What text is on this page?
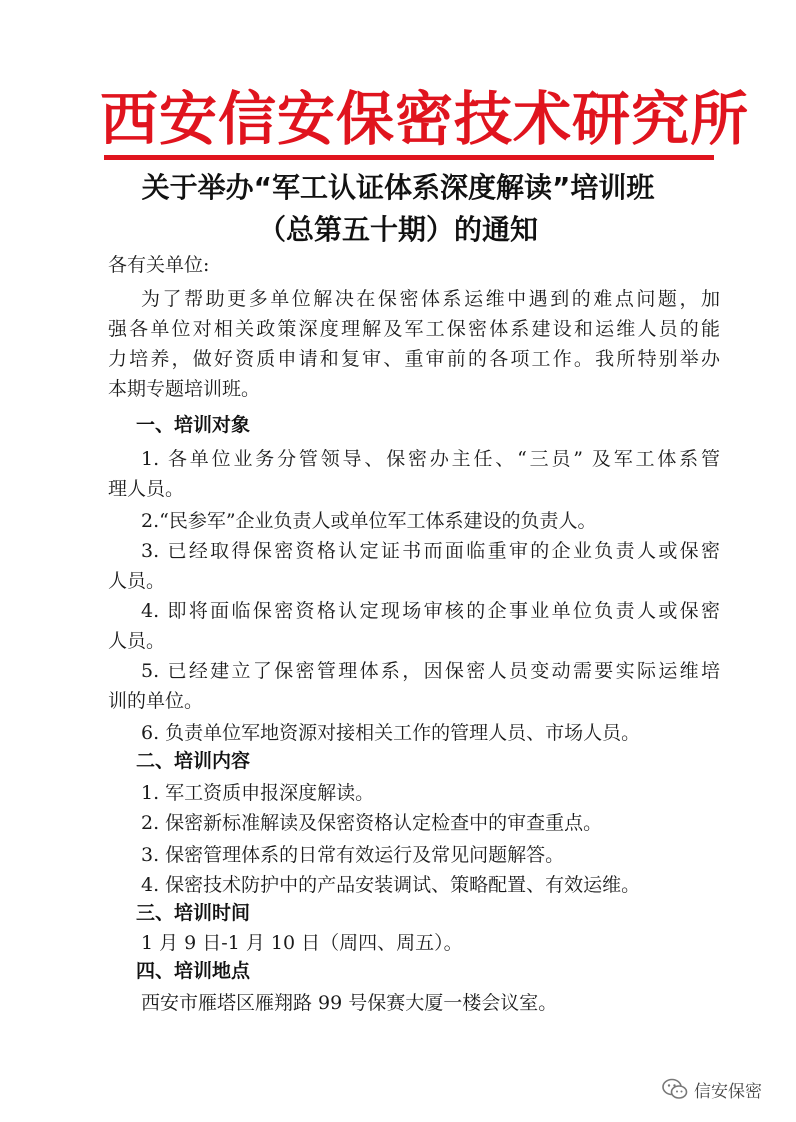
西安信安保密技术研究所
关于举办“军工认证体系深度解读”培训班
（总第五十期）的通知
各有关单位:
为了帮助更多单位解决在保密体系运维中遇到的难点问题，加
强各单位对相关政策深度理解及军工保密体系建设和运维人员的能
力培养，做好资质申请和复审、重审前的各项工作。我所特别举办
本期专题培训班。
一、培训对象
1. 各单位业务分管领导、保密办主任、“三员” 及军工体系管
理人员。
2.“民参军”企业负责人或单位军工体系建设的负责人。
3. 已经取得保密资格认定证书而面临重审的企业负责人或保密
人员。
4. 即将面临保密资格认定现场审核的企事业单位负责人或保密
人员。
5. 已经建立了保密管理体系，因保密人员变动需要实际运维培
训的单位。
6. 负责单位军地资源对接相关工作的管理人员、市场人员。
二、培训内容
1. 军工资质申报深度解读。
2. 保密新标准解读及保密资格认定检查中的审查重点。
3. 保密管理体系的日常有效运行及常见问题解答。
4. 保密技术防护中的产品安装调试、策略配置、有效运维。
三、培训时间
1 月 9 日-1 月 10 日（周四、周五）。
四、培训地点
西安市雁塔区雁翔路 99 号保赛大厦一楼会议室。
信安保密
